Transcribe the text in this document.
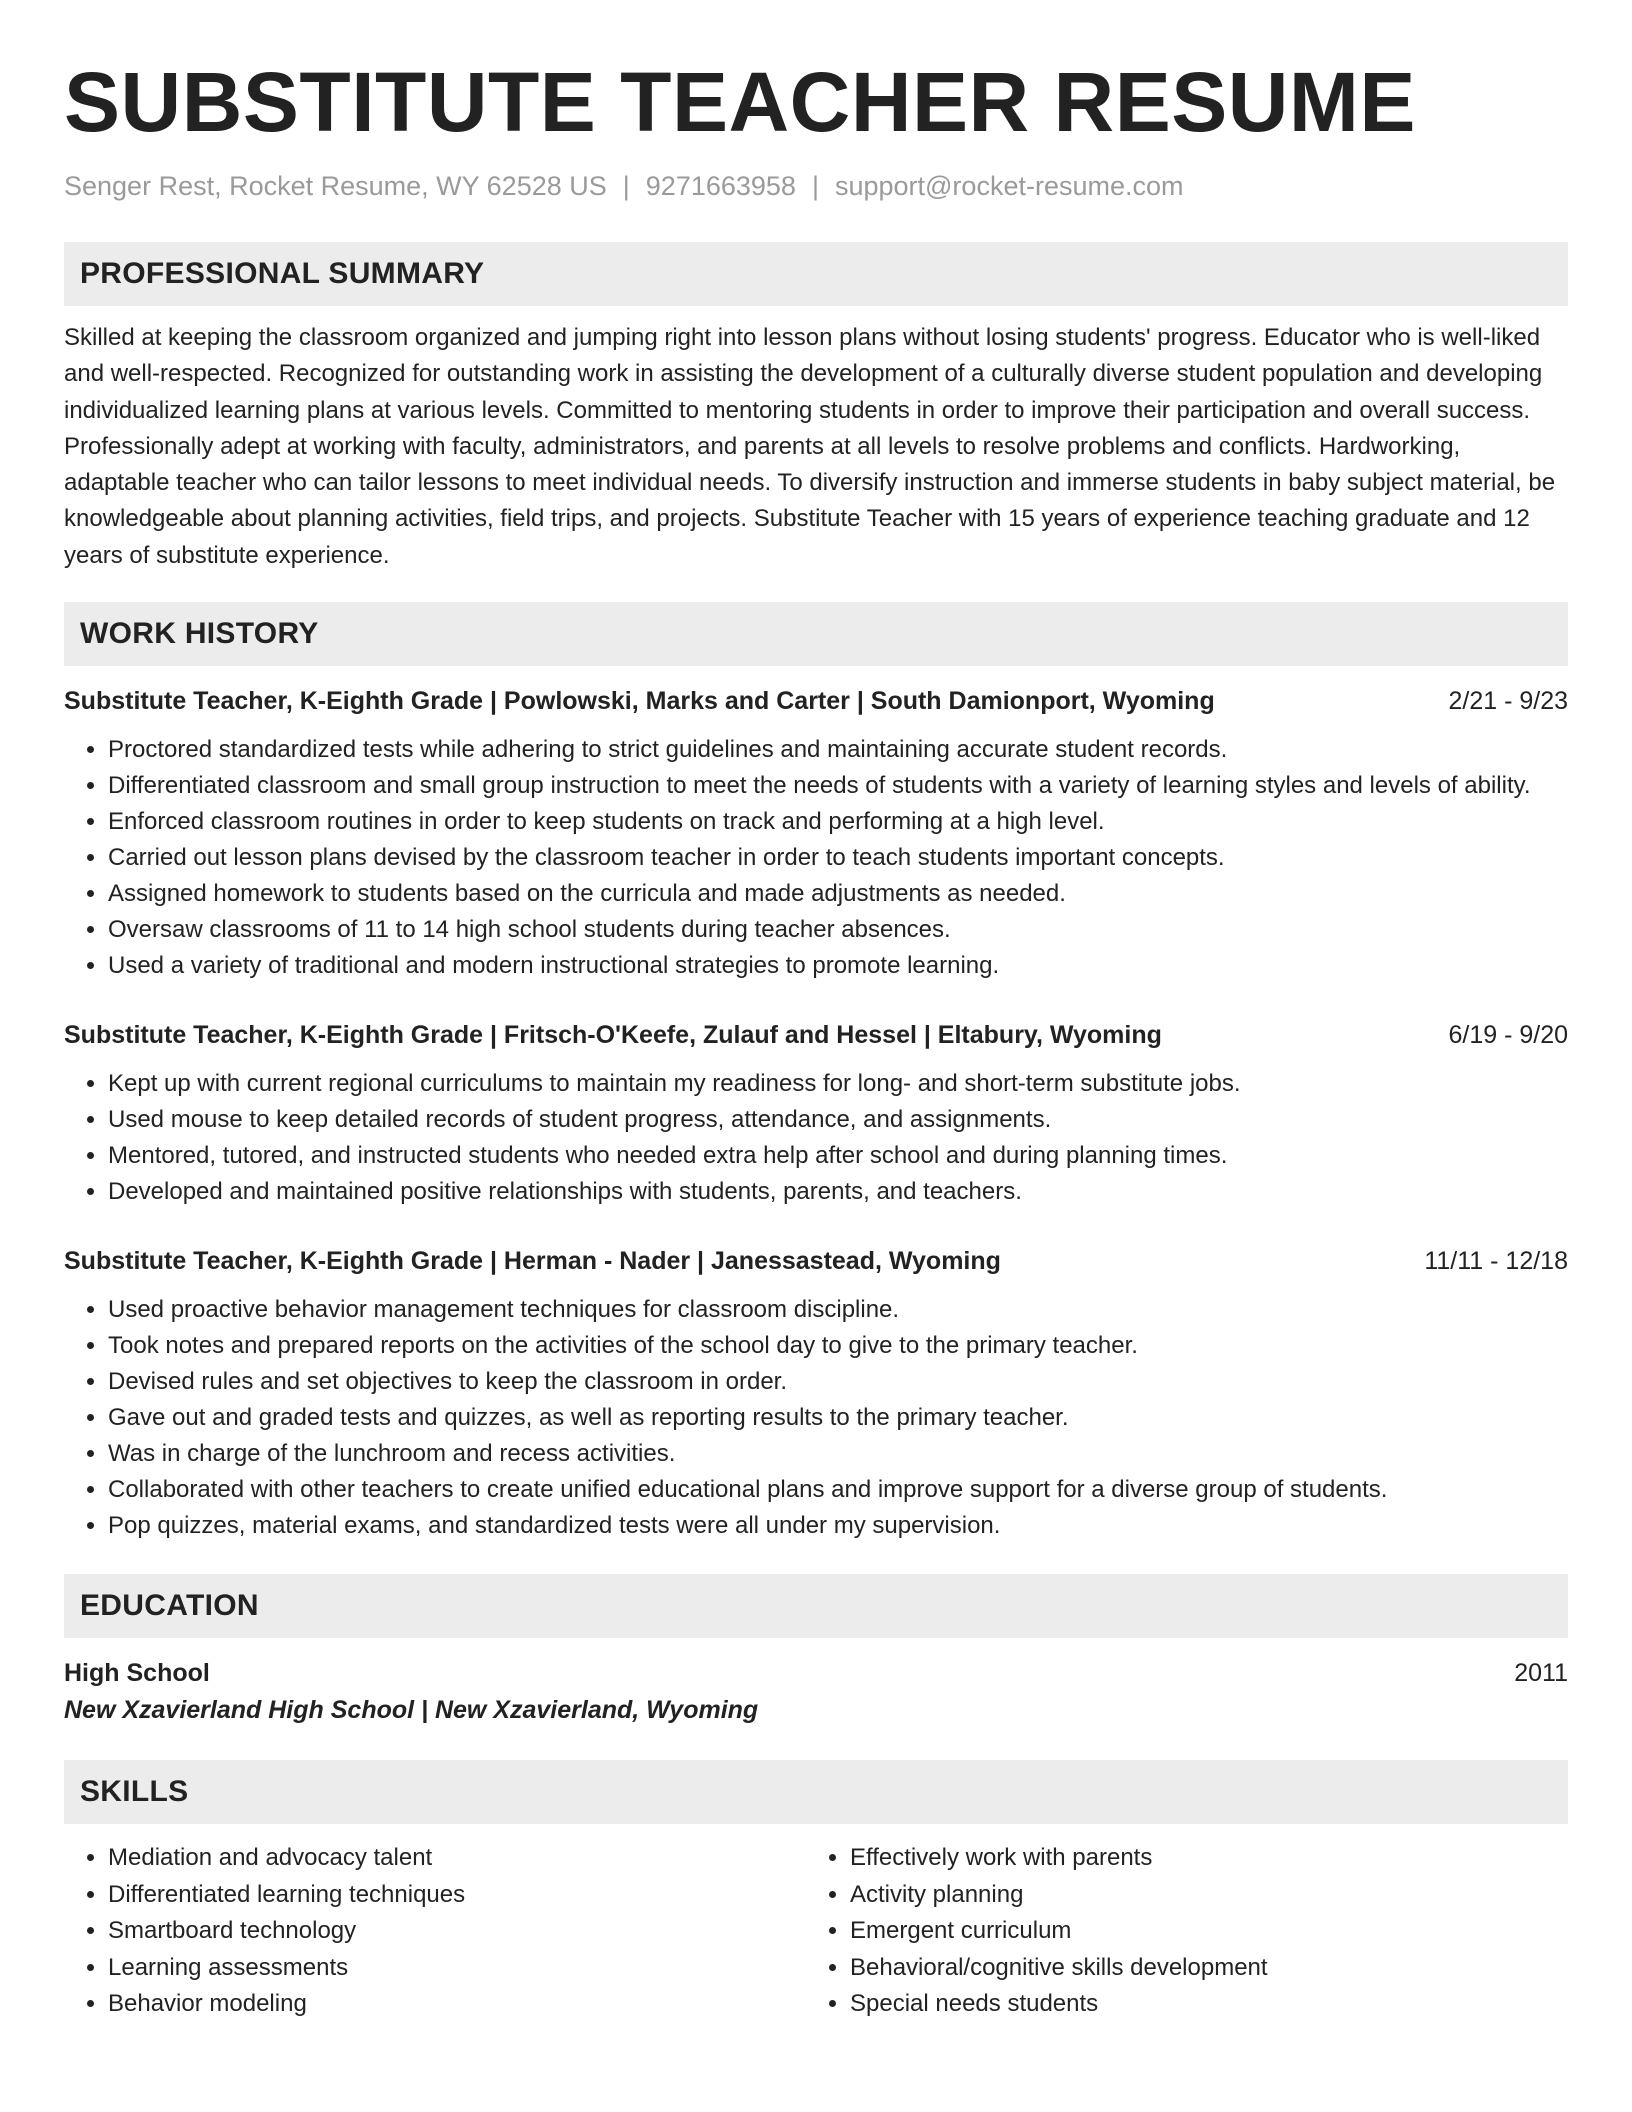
SUBSTITUTE TEACHER RESUME
Senger Rest, Rocket Resume, WY 62528 US | 9271663958 | support@rocket-resume.com
PROFESSIONAL SUMMARY
Skilled at keeping the classroom organized and jumping right into lesson plans without losing students' progress. Educator who is well-liked and well-respected. Recognized for outstanding work in assisting the development of a culturally diverse student population and developing individualized learning plans at various levels. Committed to mentoring students in order to improve their participation and overall success. Professionally adept at working with faculty, administrators, and parents at all levels to resolve problems and conflicts. Hardworking, adaptable teacher who can tailor lessons to meet individual needs. To diversify instruction and immerse students in baby subject material, be knowledgeable about planning activities, field trips, and projects. Substitute Teacher with 15 years of experience teaching graduate and 12 years of substitute experience.
WORK HISTORY
Substitute Teacher, K-Eighth Grade | Powlowski, Marks and Carter | South Damionport, Wyoming	2/21 - 9/23
• Proctored standardized tests while adhering to strict guidelines and maintaining accurate student records.
• Differentiated classroom and small group instruction to meet the needs of students with a variety of learning styles and levels of ability.
• Enforced classroom routines in order to keep students on track and performing at a high level.
• Carried out lesson plans devised by the classroom teacher in order to teach students important concepts.
• Assigned homework to students based on the curricula and made adjustments as needed.
• Oversaw classrooms of 11 to 14 high school students during teacher absences.
• Used a variety of traditional and modern instructional strategies to promote learning.
Substitute Teacher, K-Eighth Grade | Fritsch-O'Keefe, Zulauf and Hessel | Eltabury, Wyoming	6/19 - 9/20
• Kept up with current regional curriculums to maintain my readiness for long- and short-term substitute jobs.
• Used mouse to keep detailed records of student progress, attendance, and assignments.
• Mentored, tutored, and instructed students who needed extra help after school and during planning times.
• Developed and maintained positive relationships with students, parents, and teachers.
Substitute Teacher, K-Eighth Grade | Herman - Nader | Janessastead, Wyoming	11/11 - 12/18
• Used proactive behavior management techniques for classroom discipline.
• Took notes and prepared reports on the activities of the school day to give to the primary teacher.
• Devised rules and set objectives to keep the classroom in order.
• Gave out and graded tests and quizzes, as well as reporting results to the primary teacher.
• Was in charge of the lunchroom and recess activities.
• Collaborated with other teachers to create unified educational plans and improve support for a diverse group of students.
• Pop quizzes, material exams, and standardized tests were all under my supervision.
EDUCATION
High School	2011
New Xzavierland High School | New Xzavierland, Wyoming
SKILLS
• Mediation and advocacy talent
• Differentiated learning techniques
• Smartboard technology
• Learning assessments
• Behavior modeling
• Effectively work with parents
• Activity planning
• Emergent curriculum
• Behavioral/cognitive skills development
• Special needs students
